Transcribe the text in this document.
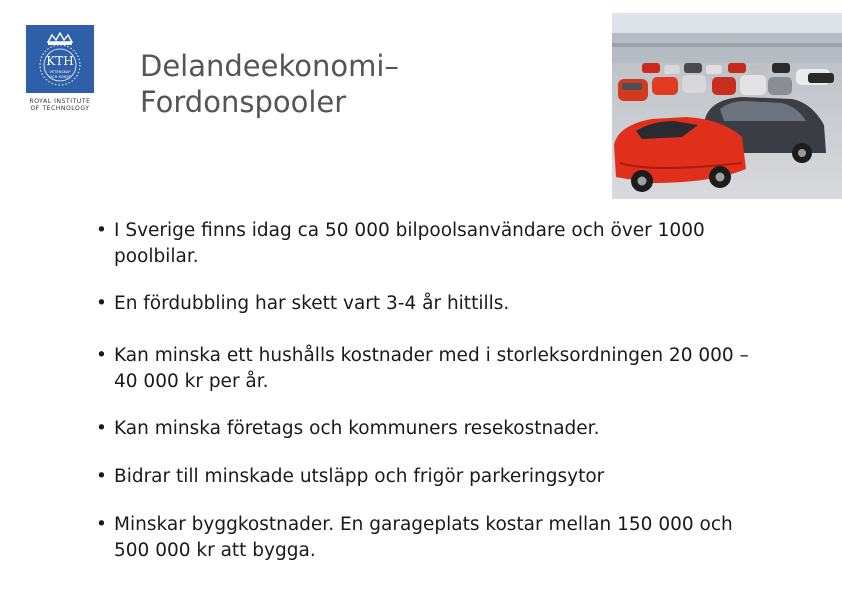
KTH
VETENSKAP
OCH KONST
ROYAL INSTITUTE
OF TECHNOLOGY
Delandeekonomi–
Fordonspooler
• I Sverige finns idag ca 50 000 bilpoolsanvändare och över 1000 poolbilar.
• En fördubbling har skett vart 3-4 år hittills.
• Kan minska ett hushålls kostnader med i storleksordningen 20 000 – 40 000 kr per år.
• Kan minska företags och kommuners resekostnader.
• Bidrar till minskade utsläpp och frigör parkeringsytor
• Minskar byggkostnader. En garageplats kostar mellan 150 000 och 500 000 kr att bygga.
